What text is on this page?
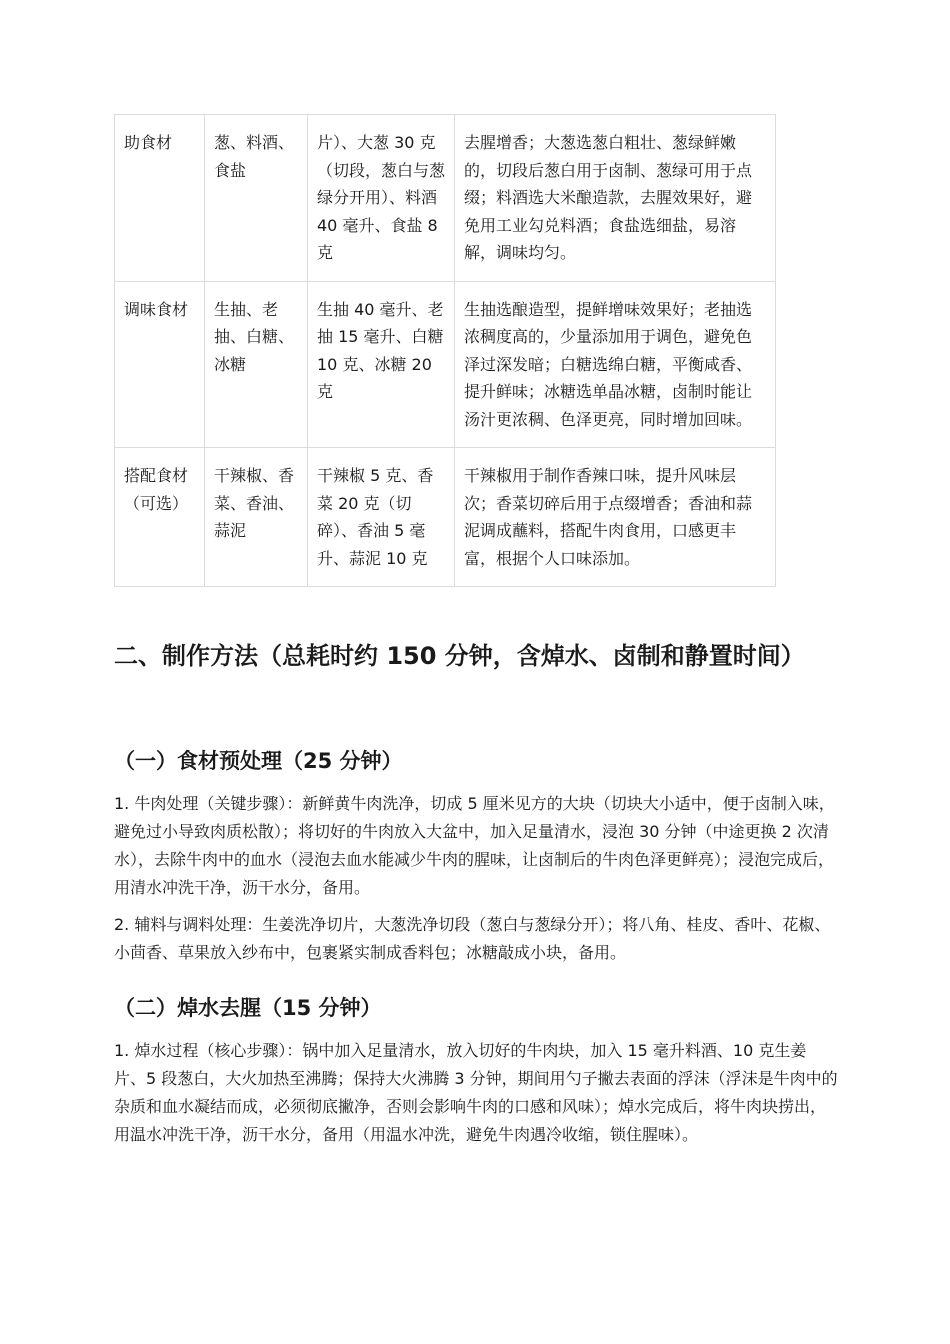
助食材	葱、料酒、食盐	片）、大葱 30 克（切段，葱白与葱绿分开用）、料酒 40 毫升、食盐 8 克	去腥增香；大葱选葱白粗壮、葱绿鲜嫩的，切段后葱白用于卤制、葱绿可用于点缀；料酒选大米酿造款，去腥效果好，避免用工业勾兑料酒；食盐选细盐，易溶解，调味均匀。
调味食材	生抽、老抽、白糖、冰糖	生抽 40 毫升、老抽 15 毫升、白糖 10 克、冰糖 20 克	生抽选酿造型，提鲜增味效果好；老抽选浓稠度高的，少量添加用于调色，避免色泽过深发暗；白糖选绵白糖，平衡咸香、提升鲜味；冰糖选单晶冰糖，卤制时能让汤汁更浓稠、色泽更亮，同时增加回味。
搭配食材（可选）	干辣椒、香菜、香油、蒜泥	干辣椒 5 克、香菜 20 克（切碎）、香油 5 毫升、蒜泥 10 克	干辣椒用于制作香辣口味，提升风味层次；香菜切碎后用于点缀增香；香油和蒜泥调成蘸料，搭配牛肉食用，口感更丰富，根据个人口味添加。
二、制作方法（总耗时约 150 分钟，含焯水、卤制和静置时间）
（一）食材预处理（25 分钟）

1. 牛肉处理（关键步骤）：新鲜黄牛肉洗净，切成 5 厘米见方的大块（切块大小适中，便于卤制入味，避免过小导致肉质松散）；将切好的牛肉放入大盆中，加入足量清水，浸泡 30 分钟（中途更换 2 次清水），去除牛肉中的血水（浸泡去血水能减少牛肉的腥味，让卤制后的牛肉色泽更鲜亮）；浸泡完成后，用清水冲洗干净，沥干水分，备用。

2. 辅料与调料处理：生姜洗净切片，大葱洗净切段（葱白与葱绿分开）；将八角、桂皮、香叶、花椒、小茴香、草果放入纱布中，包裹紧实制成香料包；冰糖敲成小块，备用。

（二）焯水去腥（15 分钟）

1. 焯水过程（核心步骤）：锅中加入足量清水，放入切好的牛肉块，加入 15 毫升料酒、10 克生姜片、5 段葱白，大火加热至沸腾；保持大火沸腾 3 分钟，期间用勺子撇去表面的浮沫（浮沫是牛肉中的杂质和血水凝结而成，必须彻底撇净，否则会影响牛肉的口感和风味）；焯水完成后，将牛肉块捞出，用温水冲洗干净，沥干水分，备用（用温水冲洗，避免牛肉遇冷收缩，锁住腥味）。
